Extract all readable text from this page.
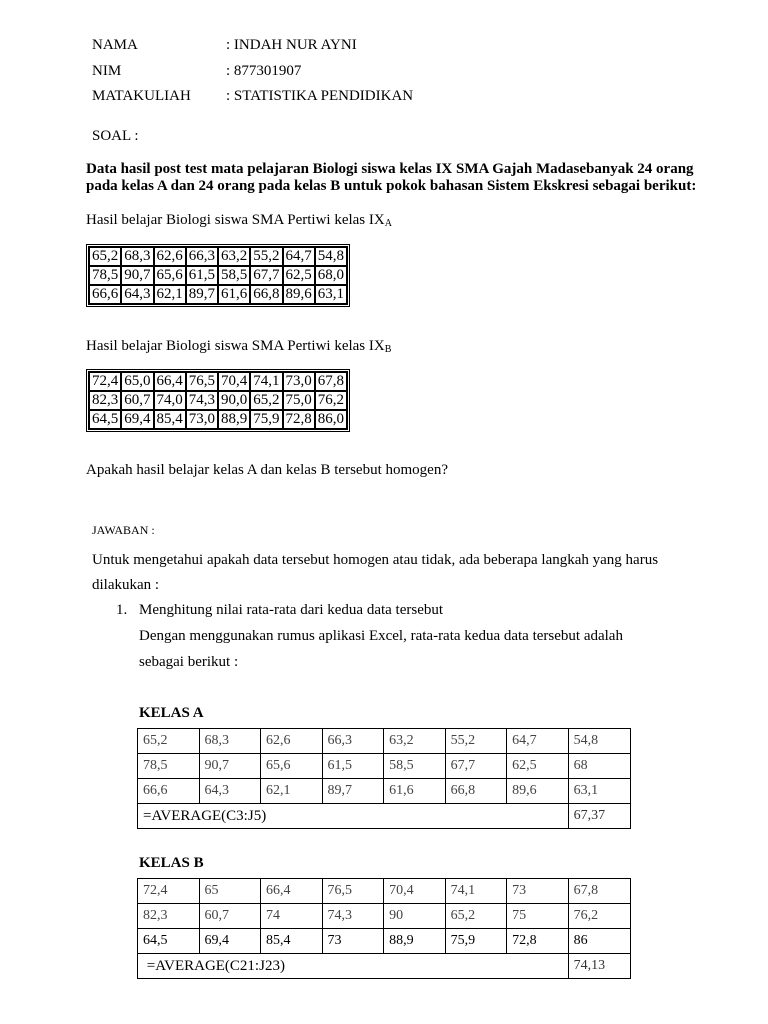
NAMA	: INDAH NUR AYNI
NIM	: 877301907
MATAKULIAH : STATISTIKA PENDIDIKAN
SOAL :
Data hasil post test mata pelajaran Biologi siswa kelas IX SMA Gajah Madasebanyak 24 orang pada kelas A dan 24 orang pada kelas B untuk pokok bahasan Sistem Ekskresi sebagai berikut:
Hasil belajar Biologi siswa SMA Pertiwi kelas $IX_A$
65,2	68,3	62,6	66,3	63,2	55,2	64,7	54,8
78,5	90,7	65,6	61,5	58,5	67,7	62,5	68,0
66,6	64,3	62,1	89,7	61,6	66,8	89,6	63,1
Hasil belajar Biologi siswa SMA Pertiwi kelas $IX_B$
72,4	65,0	66,4	76,5	70,4	74,1	73,0	67,8
82,3	60,7	74,0	74,3	90,0	65,2	75,0	76,2
64,5	69,4	85,4	73,0	88,9	75,9	72,8	86,0
Apakah hasil belajar kelas A dan kelas B tersebut homogen?
JAWABAN :
Untuk mengetahui apakah data tersebut homogen atau tidak, ada beberapa langkah yang harus
dilakukan :
1. Menghitung nilai rata-rata dari kedua data tersebut
Dengan menggunakan rumus aplikasi Excel, rata-rata kedua data tersebut adalah
sebagai berikut :
KELAS A
65,2	68,3	62,6	66,3	63,2	55,2	64,7	54,8
78,5	90,7	65,6	61,5	58,5	67,7	62,5	68
66,6	64,3	62,1	89,7	61,6	66,8	89,6	63,1
=AVERAGE(C3:J5)							67,37
KELAS B
72,4	65	66,4	76,5	70,4	74,1	73	67,8
82,3	60,7	74	74,3	90	65,2	75	76,2
64,5	69,4	85,4	73	88,9	75,9	72,8	86
=AVERAGE(C21:J23)							74,13
